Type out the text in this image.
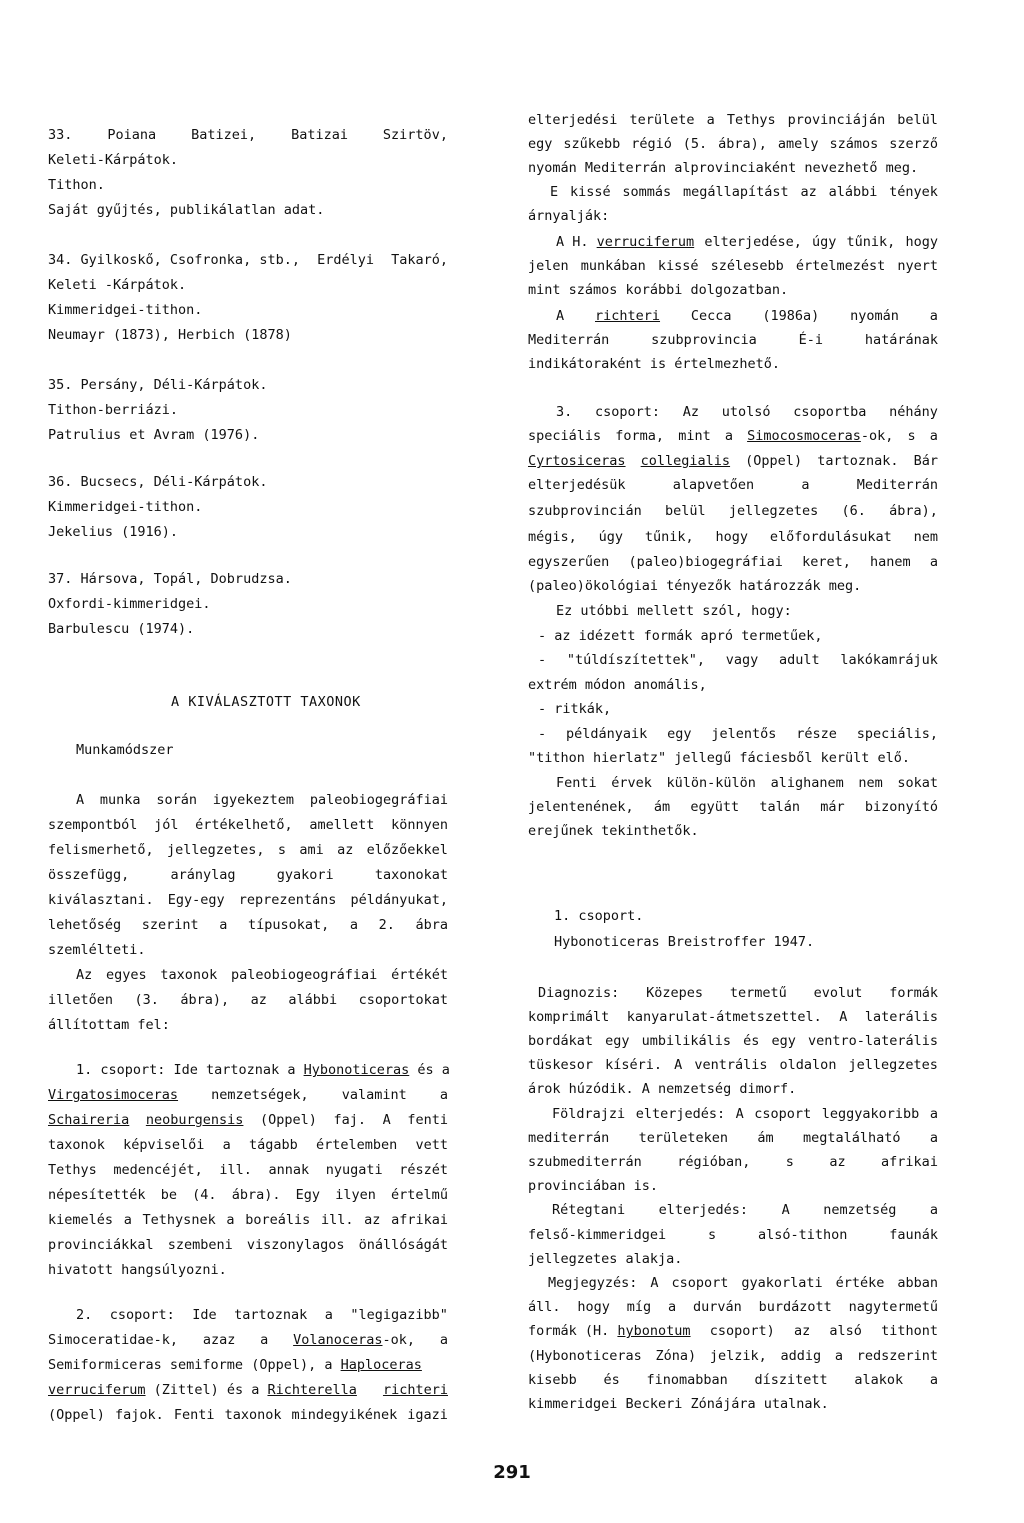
33.	Poiana	Batizei,	Batizai	Szirtöv,
Keleti-Kárpátok.
Tithon.
Saját gyűjtés, publikálatlan adat.
34. Gyilkoskő, Csofronka, stb., Erdélyi Takaró,
Keleti -Kárpátok.
Kimmeridgei-tithon.
Neumayr (1873), Herbich (1878)
35. Persány, Déli-Kárpátok.
Tithon-berriázi.
Patrulius et Avram (1976).
36. Bucsecs, Déli-Kárpátok.
Kimmeridgei-tithon.
Jekelius (1916).
37. Hársova, Topál, Dobrudzsa.
Oxfordi-kimmeridgei.
Barbulescu (1974).
A KIVÁLASZTOTT TAXONOK
Munkamódszer
A munka során igyekeztem paleobiogegráfiai
szempontból jól értékelhető, amellett könnyen
felismerhető, jellegzetes, s ami az előzőekkel
összefügg,	aránylag	gyakori	taxonokat
kiválasztani. Egy-egy reprezentáns példányukat,
lehetőség szerint a típusokat, a 2. ábra
szemlélteti.
Az egyes taxonok paleobiogeográfiai értékét
illetően (3. ábra), az alábbi csoportokat
állítottam fel:
1. csoport: Ide tartoznak a Hybonoticeras és a
Virgatosimoceras nemzetségek, valamint a
Schaireria neoburgensis (Oppel) faj. A fenti
taxonok képviselői a tágabb értelemben vett
Tethys medencéjét, ill. annak nyugati részét
népesítették be (4. ábra). Egy ilyen értelmű
kiemelés a Tethysnek a boreális ill. az afrikai
provinciákkal szembeni viszonylagos önállóságát
hivatott hangsúlyozni.
2. csoport: Ide tartoznak a "legigazibb"
Simoceratidae-k, azaz a Volanoceras-ok, a
Semiformiceras semiforme (Oppel), a Haploceras
verruciferum (Zittel) és a Richterella richteri
(Oppel) fajok. Fenti taxonok mindegyikének igazi
elterjedési területe a Tethys provinciáján belül
egy szűkebb régió (5. ábra), amely számos szerző
nyomán Mediterrán alprovinciaként nevezhető meg.
E kissé sommás megállapítást az alábbi tények
árnyalják:
A H. verruciferum elterjedése, úgy tűnik, hogy
jelen munkában kissé szélesebb értelmezést nyert
mint számos korábbi dolgozatban.
A richteri Cecca (1986a) nyomán a
Mediterrán	szubprovincia	É-i	határának
indikátoraként is értelmezhető.
3. csoport: Az utolsó csoportba néhány
speciális forma, mint a Simocosmoceras-ok, s a
Cyrtosiceras collegialis (Oppel) tartoznak. Bár
elterjedésük	alapvetően	a	Mediterrán
szubprovincián belül jellegzetes (6. ábra),
mégis, úgy tűnik, hogy előfordulásukat nem
egyszerűen (paleo)biogegráfiai keret, hanem a
(paleo)ökológiai tényezők határozzák meg.
Ez utóbbi mellett szól, hogy:
- az idézett formák apró termetűek,
- "túldíszítettek", vagy adult lakókamrájuk
extrém módon anomális,
- ritkák,
- példányaik egy jelentős része speciális,
"tithon hierlatz" jellegű fáciesből került elő.
Fenti érvek külön-külön alighanem nem sokat
jelentenének, ám együtt talán már bizonyító
erejűnek tekinthetők.
1. csoport.
Hybonoticeras Breistroffer 1947.
Diagnozis: Közepes termetű evolut formák
komprimált kanyarulat-átmetszettel. A laterális
bordákat egy umbilikális és egy ventro-laterális
tüskesor kíséri. A ventrális oldalon jellegzetes
árok húzódik. A nemzetség dimorf.
Földrajzi elterjedés: A csoport leggyakoribb a
mediterrán területeken ám megtalálható a
szubmediterrán	régióban,	s	az	afrikai
provinciában is.
Rétegtani elterjedés: A nemzetség a
felső-kimmeridgei	s	alsó-tithon	faunák
jellegzetes alakja.
Megjegyzés: A csoport gyakorlati értéke abban
áll. hogy míg a durván burdázott nagytermetű
formák (H. hybonotum csoport) az alsó tithont
(Hybonoticeras Zóna) jelzik, addig a redszerint
kisebb és finomabban díszitett alakok a
kimmeridgei Beckeri Zónájára utalnak.
291
